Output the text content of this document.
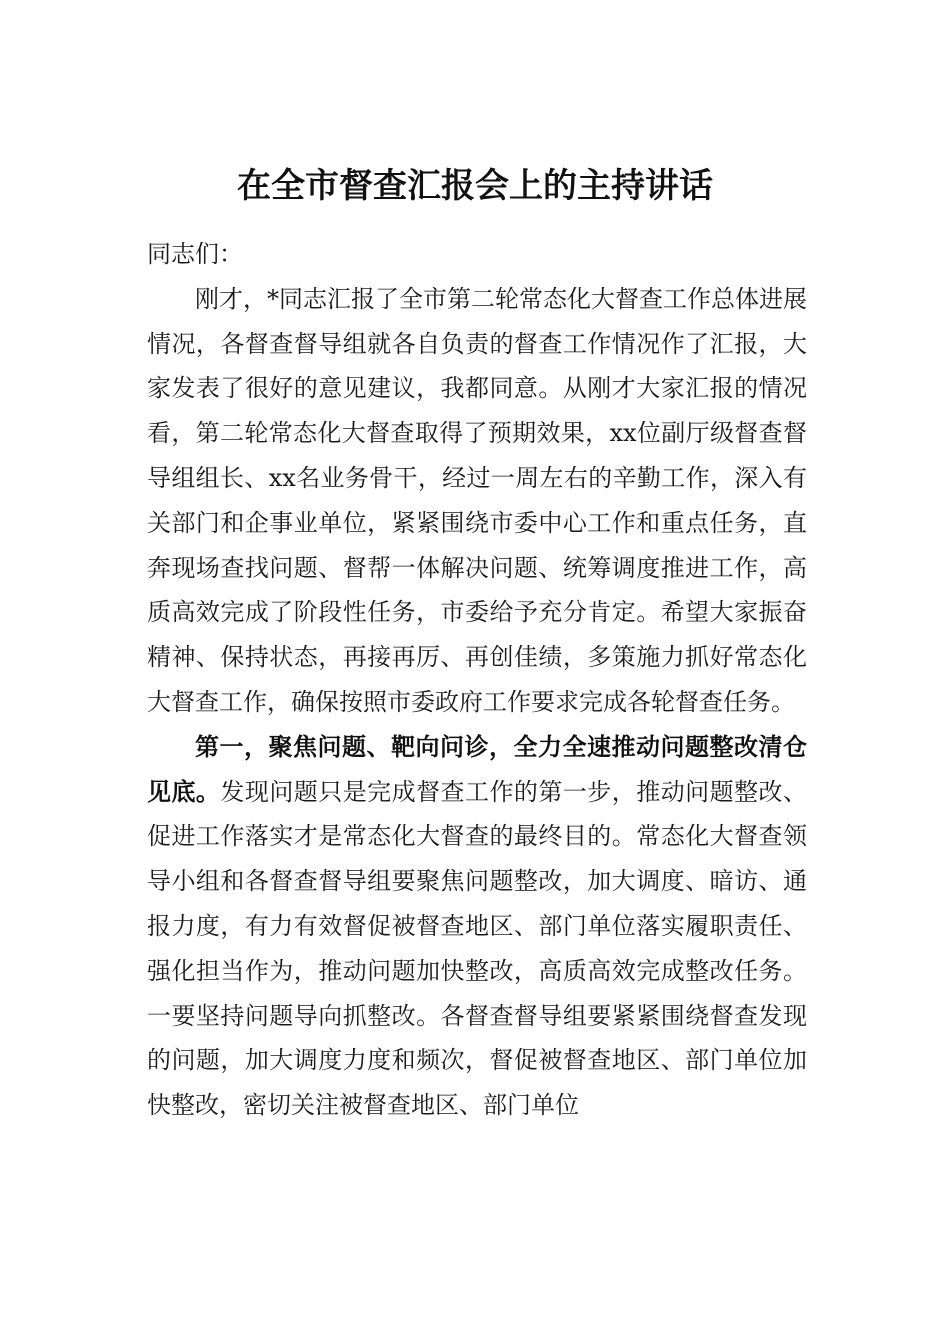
在全市督查汇报会上的主持讲话

同志们：

刚才，*同志汇报了全市第二轮常态化大督查工作总体进展情况，各督查督导组就各自负责的督查工作情况作了汇报，大家发表了很好的意见建议，我都同意。从刚才大家汇报的情况看，第二轮常态化大督查取得了预期效果，xx位副厅级督查督导组组长、xx名业务骨干，经过一周左右的辛勤工作，深入有关部门和企事业单位，紧紧围绕市委中心工作和重点任务，直奔现场查找问题、督帮一体解决问题、统筹调度推进工作，高质高效完成了阶段性任务，市委给予充分肯定。希望大家振奋精神、保持状态，再接再厉、再创佳绩，多策施力抓好常态化大督查工作，确保按照市委政府工作要求完成各轮督查任务。

第一，聚焦问题、靶向问诊，全力全速推动问题整改清仓见底。发现问题只是完成督查工作的第一步，推动问题整改、促进工作落实才是常态化大督查的最终目的。常态化大督查领导小组和各督查督导组要聚焦问题整改，加大调度、暗访、通报力度，有力有效督促被督查地区、部门单位落实履职责任、强化担当作为，推动问题加快整改，高质高效完成整改任务。一要坚持问题导向抓整改。各督查督导组要紧紧围绕督查发现的问题，加大调度力度和频次，督促被督查地区、部门单位加快整改，密切关注被督查地区、部门单位
